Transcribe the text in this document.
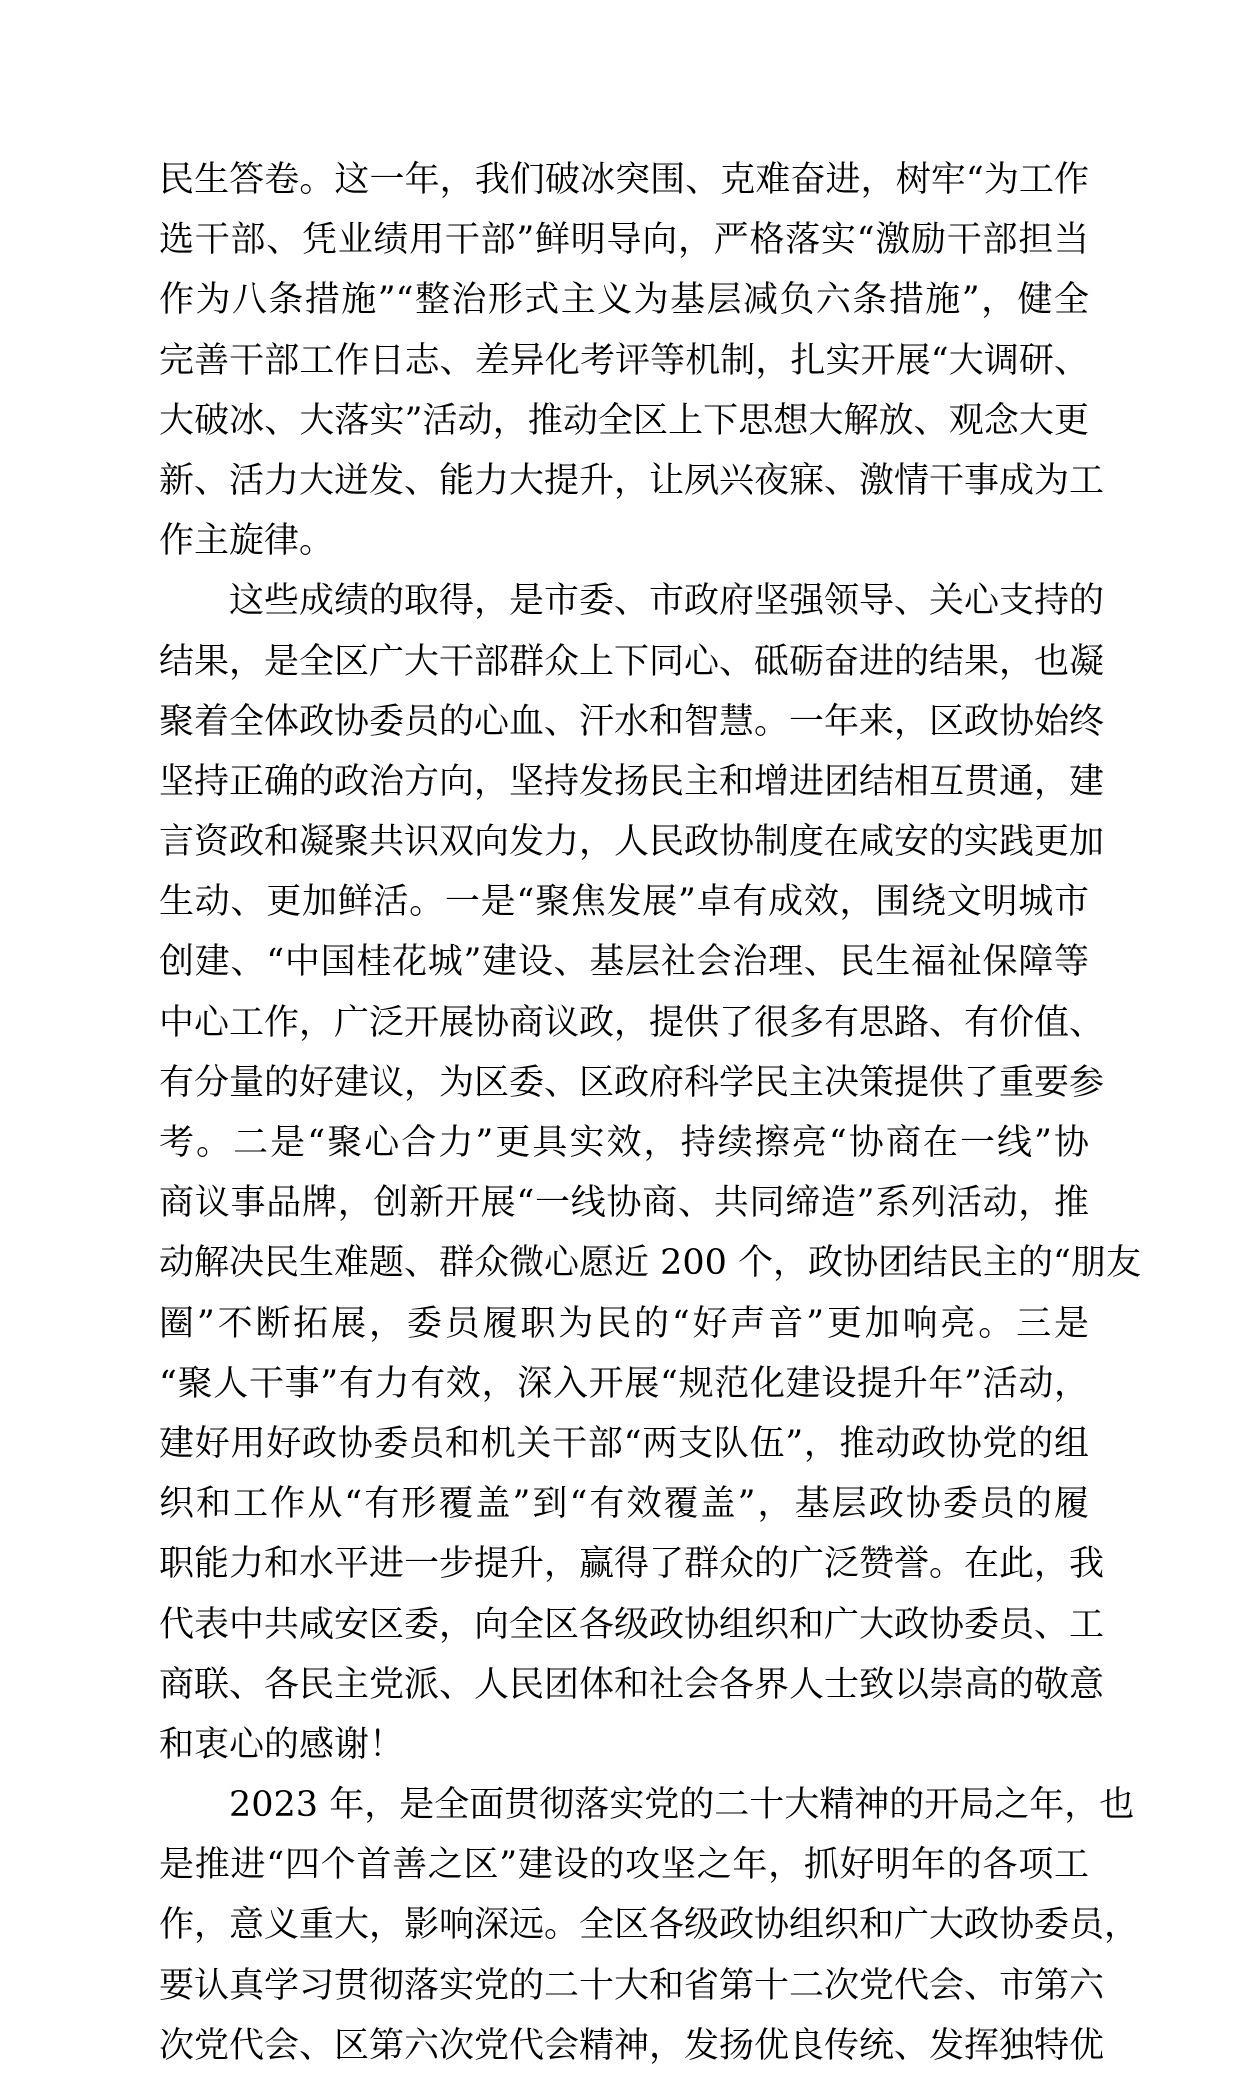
民生答卷。这一年，我们破冰突围、克难奋进，树牢“为工作
选干部、凭业绩用干部”鲜明导向，严格落实“激励干部担当
作为八条措施”“整治形式主义为基层减负六条措施”，健全
完善干部工作日志、差异化考评等机制，扎实开展“大调研、
大破冰、大落实”活动，推动全区上下思想大解放、观念大更
新、活力大迸发、能力大提升，让夙兴夜寐、激情干事成为工
作主旋律。
这些成绩的取得，是市委、市政府坚强领导、关心支持的
结果，是全区广大干部群众上下同心、砥砺奋进的结果，也凝
聚着全体政协委员的心血、汗水和智慧。一年来，区政协始终
坚持正确的政治方向，坚持发扬民主和增进团结相互贯通，建
言资政和凝聚共识双向发力，人民政协制度在咸安的实践更加
生动、更加鲜活。一是“聚焦发展”卓有成效，围绕文明城市
创建、“中国桂花城”建设、基层社会治理、民生福祉保障等
中心工作，广泛开展协商议政，提供了很多有思路、有价值、
有分量的好建议，为区委、区政府科学民主决策提供了重要参
考。二是“聚心合力”更具实效，持续擦亮“协商在一线”协
商议事品牌，创新开展“一线协商、共同缔造”系列活动，推
动解决民生难题、群众微心愿近 200 个，政协团结民主的“朋友
圈”不断拓展，委员履职为民的“好声音”更加响亮。三是
“聚人干事”有力有效，深入开展“规范化建设提升年”活动，
建好用好政协委员和机关干部“两支队伍”，推动政协党的组
织和工作从“有形覆盖”到“有效覆盖”，基层政协委员的履
职能力和水平进一步提升，赢得了群众的广泛赞誉。在此，我
代表中共咸安区委，向全区各级政协组织和广大政协委员、工
商联、各民主党派、人民团体和社会各界人士致以崇高的敬意
和衷心的感谢！
2023 年，是全面贯彻落实党的二十大精神的开局之年，也
是推进“四个首善之区”建设的攻坚之年，抓好明年的各项工
作，意义重大，影响深远。全区各级政协组织和广大政协委员，
要认真学习贯彻落实党的二十大和省第十二次党代会、市第六
次党代会、区第六次党代会精神，发扬优良传统、发挥独特优
